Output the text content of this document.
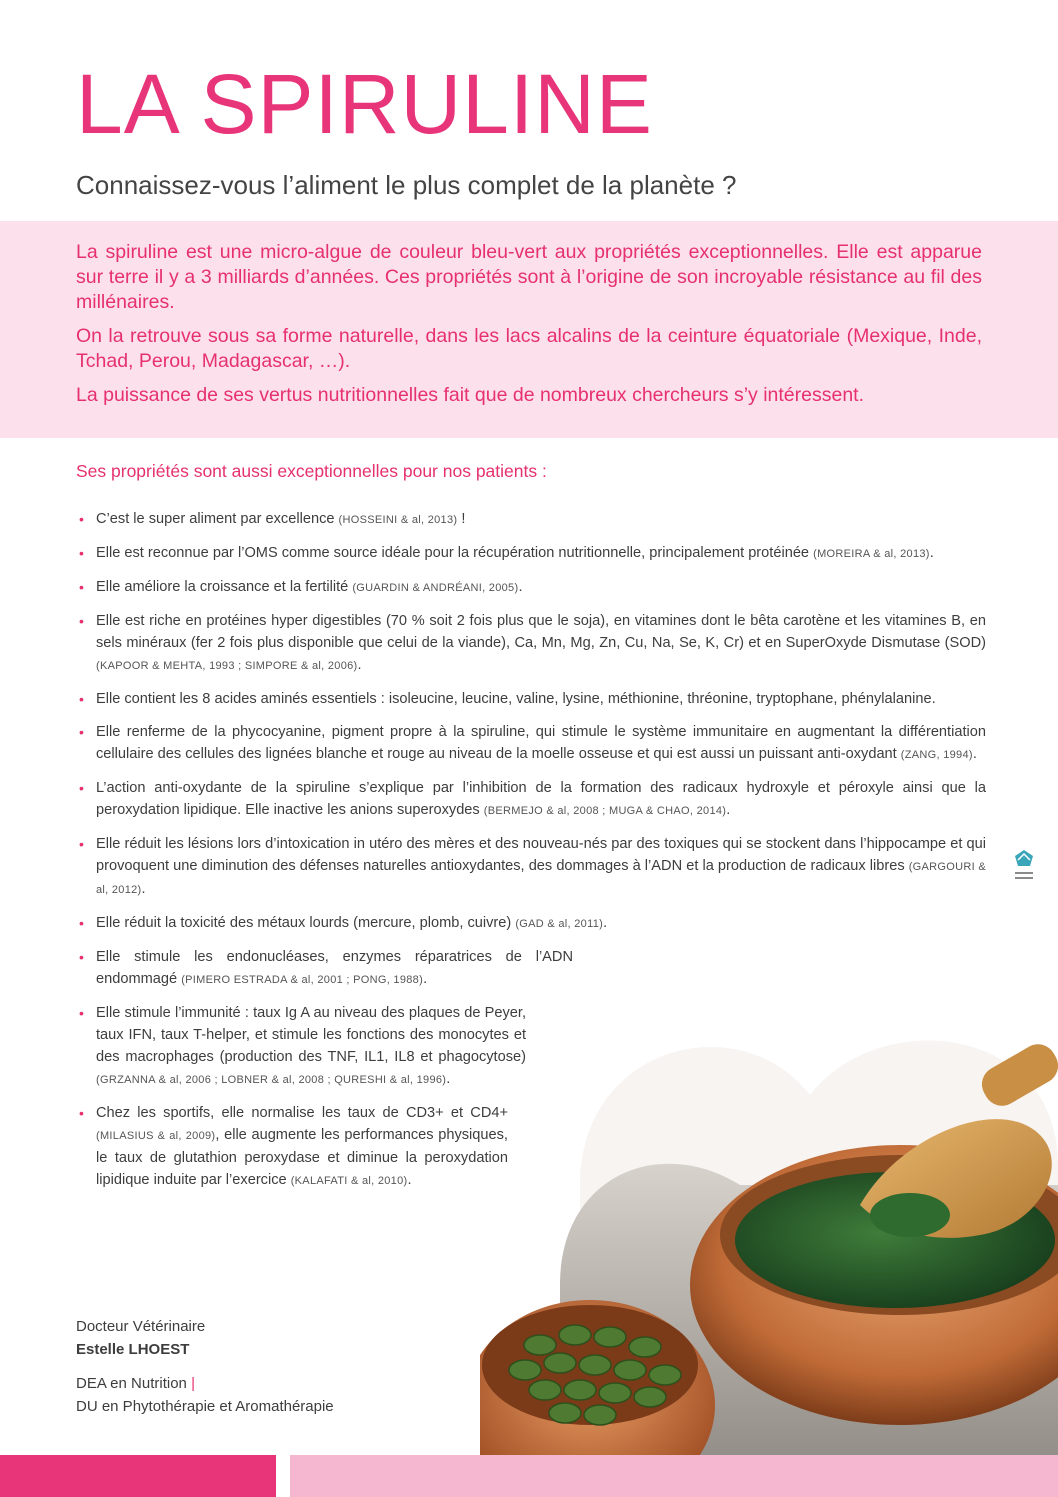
LA SPIRULINE
Connaissez-vous l’aliment le plus complet de la planète ?

La spiruline est une micro-algue de couleur bleu-vert aux propriétés exceptionnelles. Elle est apparue sur terre il y a 3 milliards d’années. Ces propriétés sont à l’origine de son incroyable résistance au fil des millénaires.

On la retrouve sous sa forme naturelle, dans les lacs alcalins de la ceinture équatoriale (Mexique, Inde, Tchad, Perou, Madagascar, …).

La puissance de ses vertus nutritionnelles fait que de nombreux chercheurs s’y intéressent.

Ses propriétés sont aussi exceptionnelles pour nos patients :
• C’est le super aliment par excellence (HOSSEINI & al, 2013) !
• Elle est reconnue par l’OMS comme source idéale pour la récupération nutritionnelle, principalement protéinée (MOREIRA & al, 2013).
• Elle améliore la croissance et la fertilité (GUARDIN & ANDRÉANI, 2005).
• Elle est riche en protéines hyper digestibles (70 % soit 2 fois plus que le soja), en vitamines dont le bêta carotène et les vitamines B, en sels minéraux (fer 2 fois plus disponible que celui de la viande), Ca, Mn, Mg, Zn, Cu, Na, Se, K, Cr) et en SuperOxyde Dismutase (SOD) (KAPOOR & MEHTA, 1993 ; SIMPORE & al, 2006).
• Elle contient les 8 acides aminés essentiels : isoleucine, leucine, valine, lysine, méthionine, thréonine, tryptophane, phénylalanine.
• Elle renferme de la phycocyanine, pigment propre à la spiruline, qui stimule le système immunitaire en augmentant la différentiation cellulaire des cellules des lignées blanche et rouge au niveau de la moelle osseuse et qui est aussi un puissant anti-oxydant (ZANG, 1994).
• L’action anti-oxydante de la spiruline s’explique par l’inhibition de la formation des radicaux hydroxyle et péroxyle ainsi que la peroxydation lipidique. Elle inactive les anions superoxydes (BERMEJO & al, 2008 ; MUGA & CHAO, 2014).
• Elle réduit les lésions lors d’intoxication in utéro des mères et des nouveau-nés par des toxiques qui se stockent dans l’hippocampe et qui provoquent une diminution des défenses naturelles antioxydantes, des dommages à l’ADN et la production de radicaux libres (GARGOURI & al, 2012).
• Elle réduit la toxicité des métaux lourds (mercure, plomb, cuivre) (GAD & al, 2011).
• Elle stimule les endonucléases, enzymes réparatrices de l’ADN endommagé (PIMERO ESTRADA & al, 2001 ; PONG, 1988).
• Elle stimule l’immunité : taux Ig A au niveau des plaques de Peyer, taux IFN, taux T-helper, et stimule les fonctions des monocytes et des macrophages (production des TNF, IL1, IL8 et phagocytose) (GRZANNA & al, 2006 ; LOBNER & al, 2008 ; QURESHI & al, 1996).
• Chez les sportifs, elle normalise les taux de CD3+ et CD4+ (MILASIUS & al, 2009), elle augmente les performances physiques, le taux de glutathion peroxydase et diminue la peroxydation lipidique induite par l’exercice (KALAFATI & al, 2010).
Docteur Vétérinaire
Estelle LHOEST
DEA en Nutrition |
DU en Phytothérapie et Aromathérapie
